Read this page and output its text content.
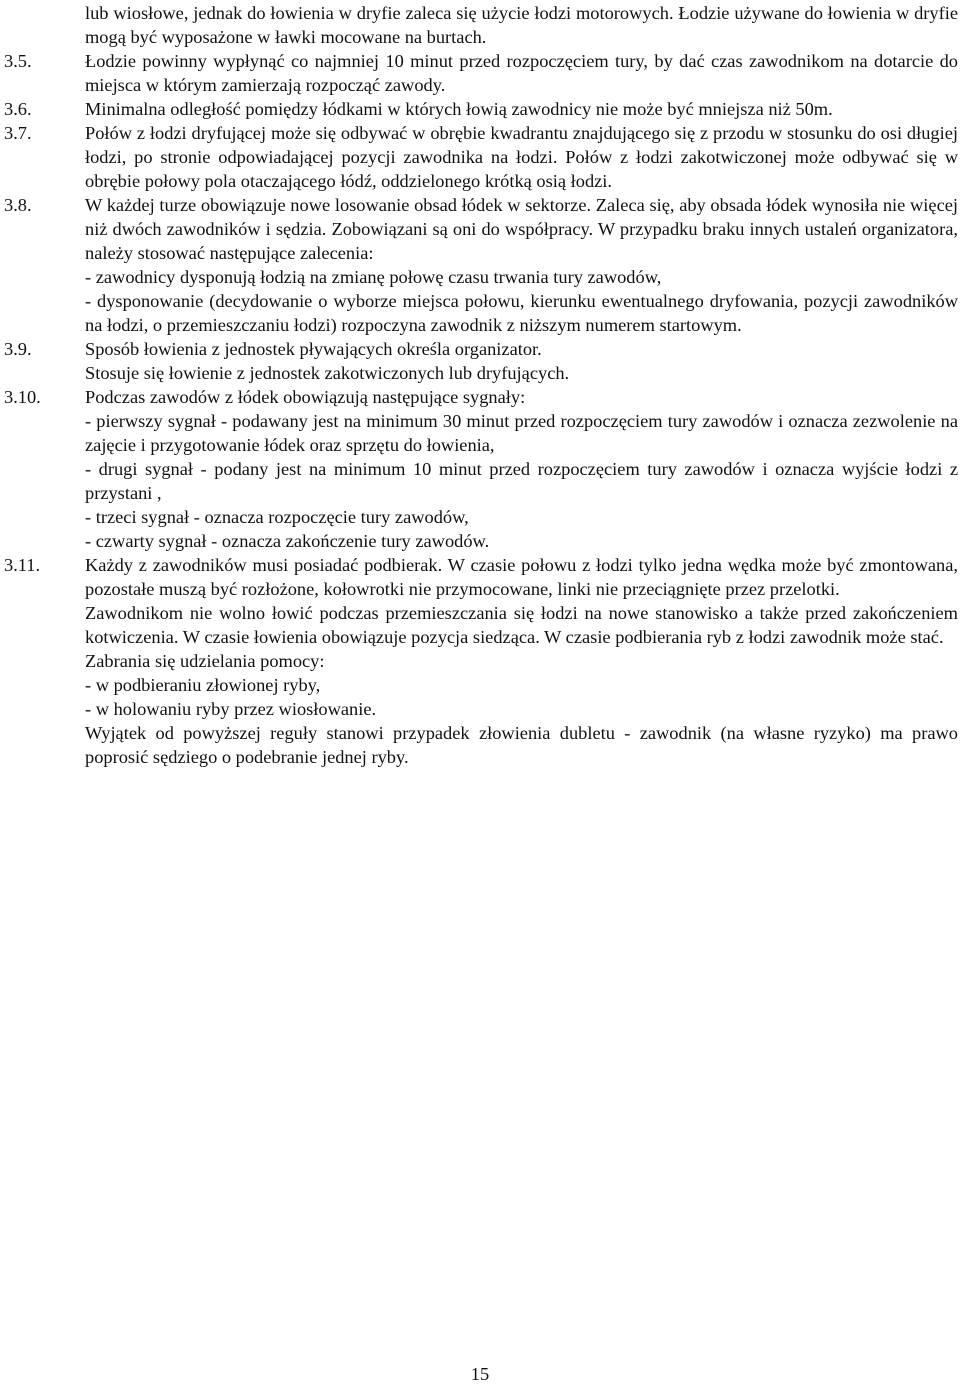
lub wiosłowe, jednak do łowienia w dryfie zaleca się użycie łodzi motorowych. Łodzie używane do łowienia w dryfie mogą być wyposażone w ławki mocowane na burtach.
3.5.	Łodzie powinny wypłynąć co najmniej 10 minut przed rozpoczęciem tury, by dać czas zawodnikom na dotarcie do miejsca w którym zamierzają rozpocząć zawody.
3.6.	Minimalna odległość pomiędzy łódkami w których łowią zawodnicy nie może być mniejsza niż 50m.
3.7.	Połów z łodzi dryfującej może się odbywać w obrębie kwadrantu znajdującego się z przodu w stosunku do osi długiej łodzi, po stronie odpowiadającej pozycji zawodnika na łodzi. Połów z łodzi zakotwiczonej może odbywać się w obrębie połowy pola otaczającego łódź, oddzielonego krótką osią łodzi.
3.8.	W każdej turze obowiązuje nowe losowanie obsad łódek w sektorze. Zaleca się, aby obsada łódek wynosiła nie więcej niż dwóch zawodników i sędzia. Zobowiązani są oni do współpracy. W przypadku braku innych ustaleń organizatora, należy stosować następujące zalecenia:
- zawodnicy dysponują łodzią na zmianę połowę czasu trwania tury zawodów,
- dysponowanie (decydowanie o wyborze miejsca połowu, kierunku ewentualnego dryfowania, pozycji zawodników na łodzi, o przemieszczaniu łodzi) rozpoczyna zawodnik z niższym numerem startowym.
3.9.	Sposób łowienia z jednostek pływających określa organizator.
Stosuje się łowienie z jednostek zakotwiczonych lub dryfujących.
3.10. Podczas zawodów z łódek obowiązują następujące sygnały:
- pierwszy sygnał - podawany jest na minimum 30 minut przed rozpoczęciem tury zawodów i oznacza zezwolenie na zajęcie i przygotowanie łódek oraz sprzętu do łowienia,
- drugi sygnał - podany jest na minimum 10 minut przed rozpoczęciem tury zawodów i oznacza wyjście łodzi z przystani ,
- trzeci sygnał - oznacza rozpoczęcie tury zawodów,
- czwarty sygnał - oznacza zakończenie tury zawodów.
3.11. Każdy z zawodników musi posiadać podbierak. W czasie połowu z łodzi tylko jedna wędka może być zmontowana, pozostałe muszą być rozłożone, kołowrotki nie przymocowane, linki nie przeciągnięte przez przelotki.
Zawodnikom nie wolno łowić podczas przemieszczania się łodzi na nowe stanowisko a także przed zakończeniem kotwiczenia. W czasie łowienia obowiązuje pozycja siedząca. W czasie podbierania ryb z łodzi zawodnik może stać.
Zabrania się udzielania pomocy:
- w podbieraniu złowionej ryby,
- w holowaniu ryby przez wiosłowanie.
Wyjątek od powyższej reguły stanowi przypadek złowienia dubletu - zawodnik (na własne ryzyko) ma prawo poprosić sędziego o podebranie jednej ryby.
15
